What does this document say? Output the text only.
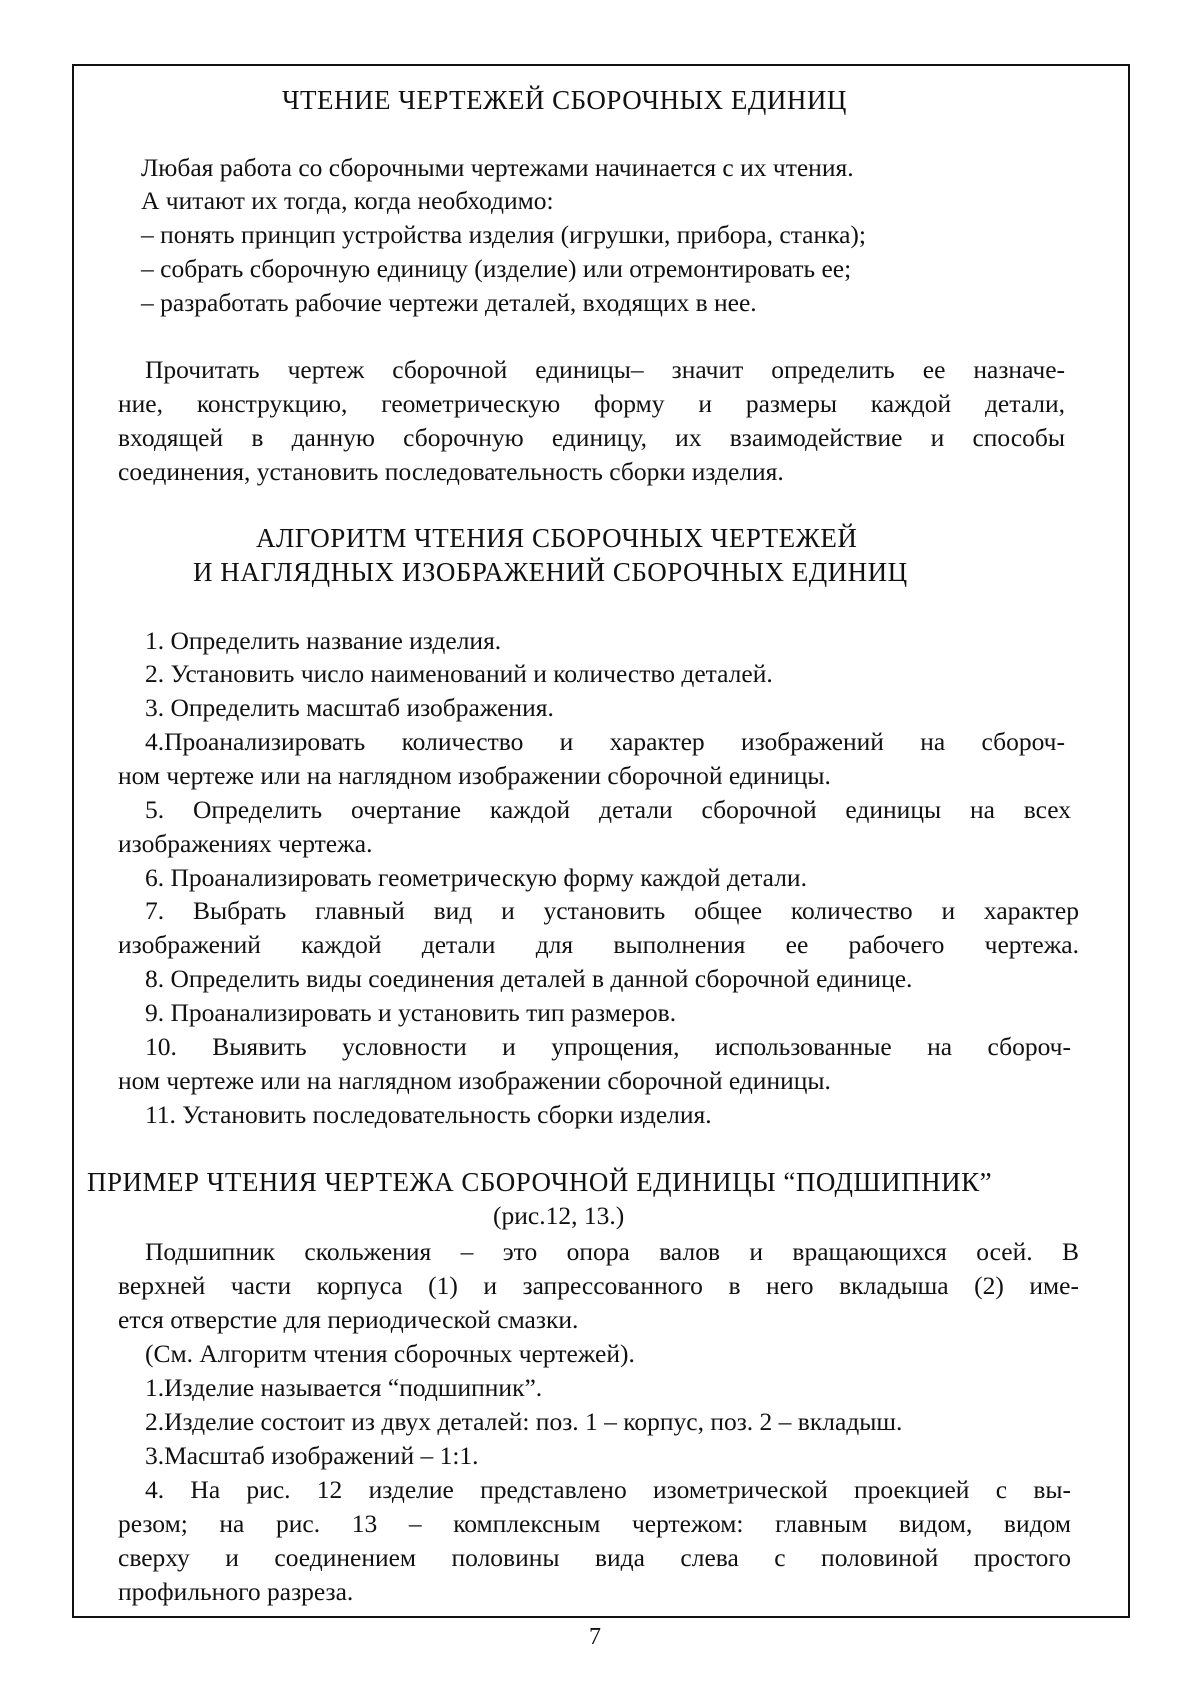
ЧТЕНИЕ ЧЕРТЕЖЕЙ СБОРОЧНЫХ ЕДИНИЦ
Любая работа со сборочными чертежами начинается с их чтения.
А читают их тогда, когда необходимо:
– понять принцип устройства изделия (игрушки, прибора, станка);
– собрать сборочную единицу (изделие) или отремонтировать ее;
– разработать рабочие чертежи деталей, входящих в нее.
Прочитать чертеж сборочной единицы– значит определить ее назначе-
ние, конструкцию, геометрическую форму и размеры каждой детали,
входящей в данную сборочную единицу, их взаимодействие и способы
соединения, установить последовательность сборки изделия.
АЛГОРИТМ ЧТЕНИЯ СБОРОЧНЫХ ЧЕРТЕЖЕЙ
И НАГЛЯДНЫХ ИЗОБРАЖЕНИЙ СБОРОЧНЫХ ЕДИНИЦ
1. Определить название изделия.
2. Установить число наименований и количество деталей.
3. Определить масштаб изображения.
4.Проанализировать количество и характер изображений на сбороч-
ном чертеже или на наглядном изображении сборочной единицы.
5. Определить очертание каждой детали сборочной единицы на всех
изображениях чертежа.
6. Проанализировать геометрическую форму каждой детали.
7. Выбрать главный вид и установить общее количество и характер
изображений каждой детали для выполнения ее рабочего чертежа.
8. Определить виды соединения деталей в данной сборочной единице.
9. Проанализировать и установить тип размеров.
10. Выявить условности и упрощения, использованные на сбороч-
ном чертеже или на наглядном изображении сборочной единицы.
11. Установить последовательность сборки изделия.
ПРИМЕР ЧТЕНИЯ ЧЕРТЕЖА СБОРОЧНОЙ ЕДИНИЦЫ “ПОДШИПНИК”
(рис.12, 13.)
Подшипник скольжения – это опора валов и вращающихся осей. В
верхней части корпуса (1) и запрессованного в него вкладыша (2) име-
ется отверстие для периодической смазки.
(См. Алгоритм чтения сборочных чертежей).
1.Изделие называется “подшипник”.
2.Изделие состоит из двух деталей: поз. 1 – корпус, поз. 2 – вкладыш.
3.Масштаб изображений – 1:1.
4. На рис. 12 изделие представлено изометрической проекцией с вы-
резом; на рис. 13 – комплексным чертежом: главным видом, видом
сверху и соединением половины вида слева с половиной простого
профильного разреза.
7
